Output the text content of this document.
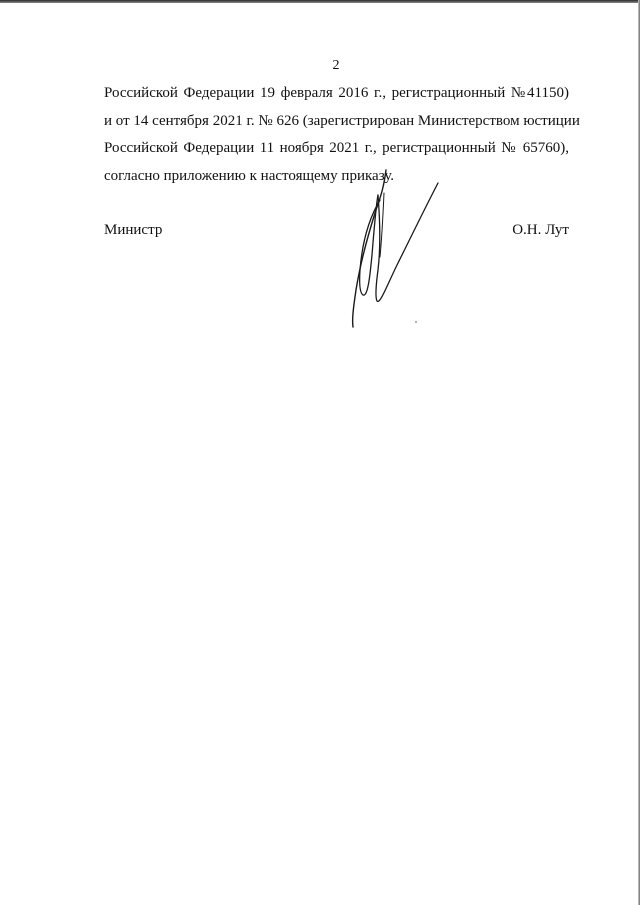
2
Российской Федерации 19 февраля 2016 г., регистрационный №41150)
и от 14 сентября 2021 г. № 626 (зарегистрирован Министерством юстиции
Российской Федерации 11 ноября 2021 г., регистрационный № 65760),
согласно приложению к настоящему приказу.
Министр	О.Н. Лут
